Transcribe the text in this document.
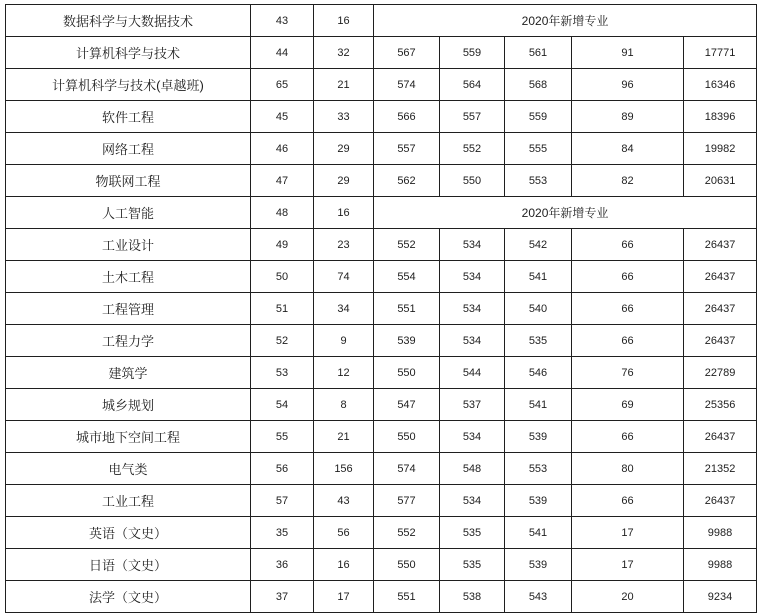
数据科学与大数据技术	43	16	2020年新增专业				
计算机科学与技术	44	32	567	559	561	91	17771
计算机科学与技术(卓越班)	65	21	574	564	568	96	16346
软件工程	45	33	566	557	559	89	18396
网络工程	46	29	557	552	555	84	19982
物联网工程	47	29	562	550	553	82	20631
人工智能	48	16	2020年新增专业				
工业设计	49	23	552	534	542	66	26437
土木工程	50	74	554	534	541	66	26437
工程管理	51	34	551	534	540	66	26437
工程力学	52	9	539	534	535	66	26437
建筑学	53	12	550	544	546	76	22789
城乡规划	54	8	547	537	541	69	25356
城市地下空间工程	55	21	550	534	539	66	26437
电气类	56	156	574	548	553	80	21352
工业工程	57	43	577	534	539	66	26437
英语（文史）	35	56	552	535	541	17	9988
日语（文史）	36	16	550	535	539	17	9988
法学（文史）	37	17	551	538	543	20	9234
